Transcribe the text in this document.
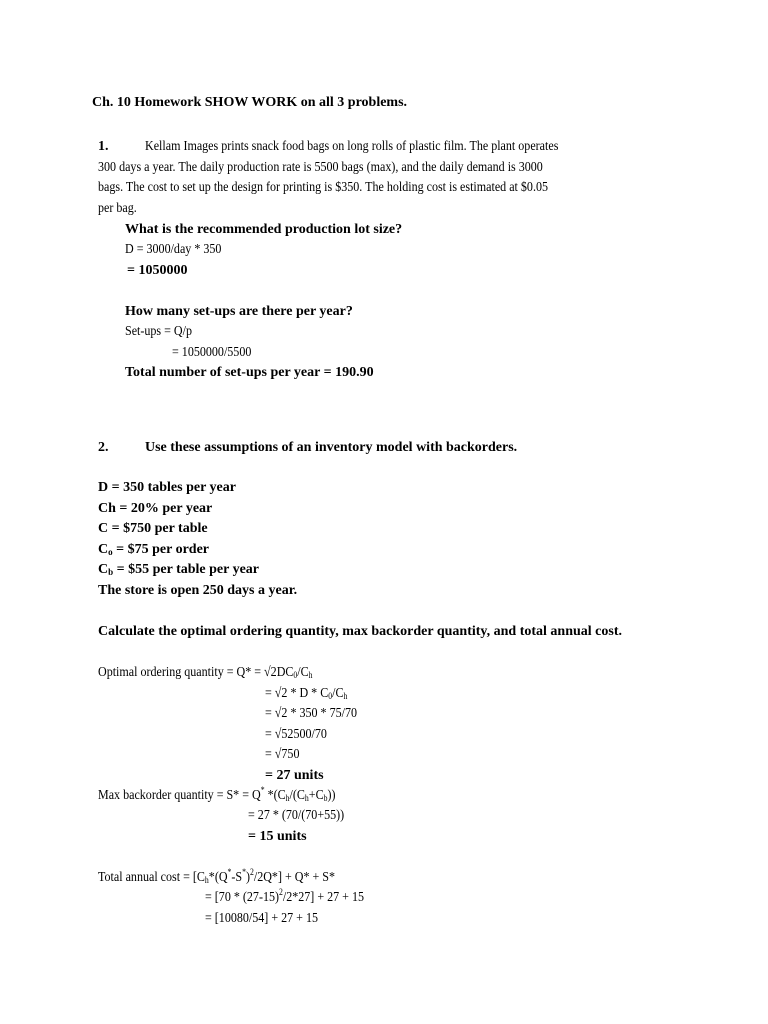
Ch. 10 Homework SHOW WORK on all 3 problems.
1.	Kellam Images prints snack food bags on long rolls of plastic film. The plant operates
300 days a year. The daily production rate is 5500 bags (max), and the daily demand is 3000
bags. The cost to set up the design for printing is $350. The holding cost is estimated at $0.05
per bag.
What is the recommended production lot size?
D = 3000/day * 350
= 1050000
How many set-ups are there per year?
Set-ups = Q/p
= 1050000/5500
Total number of set-ups per year = 190.90
2.	Use these assumptions of an inventory model with backorders.
D = 350 tables per year
Ch = 20% per year
C = $750 per table
$C_o$ = $75 per order
$C_b$ = $55 per table per year
The store is open 250 days a year.
Calculate the optimal ordering quantity, max backorder quantity, and total annual cost.
Optimal ordering quantity = $Q* = √2DC_0/C_h$
= √2 * D * $C_0/C_h$
= √2 * 350 * 75/70
= √52500/70
= √750
= 27 units
Max backorder quantity = S* = Q* $*(C_h/(C_h+C_b))$
= 27 * (70/(70+55))
= 15 units
Total annual $\cos t = [C_h*(Q^*-S^*)^2/2Q*] + Q* + S*$
= $[70 * (27-15)^2/2*27] + 27 + 15$
= [10080/54] + 27 + 15
